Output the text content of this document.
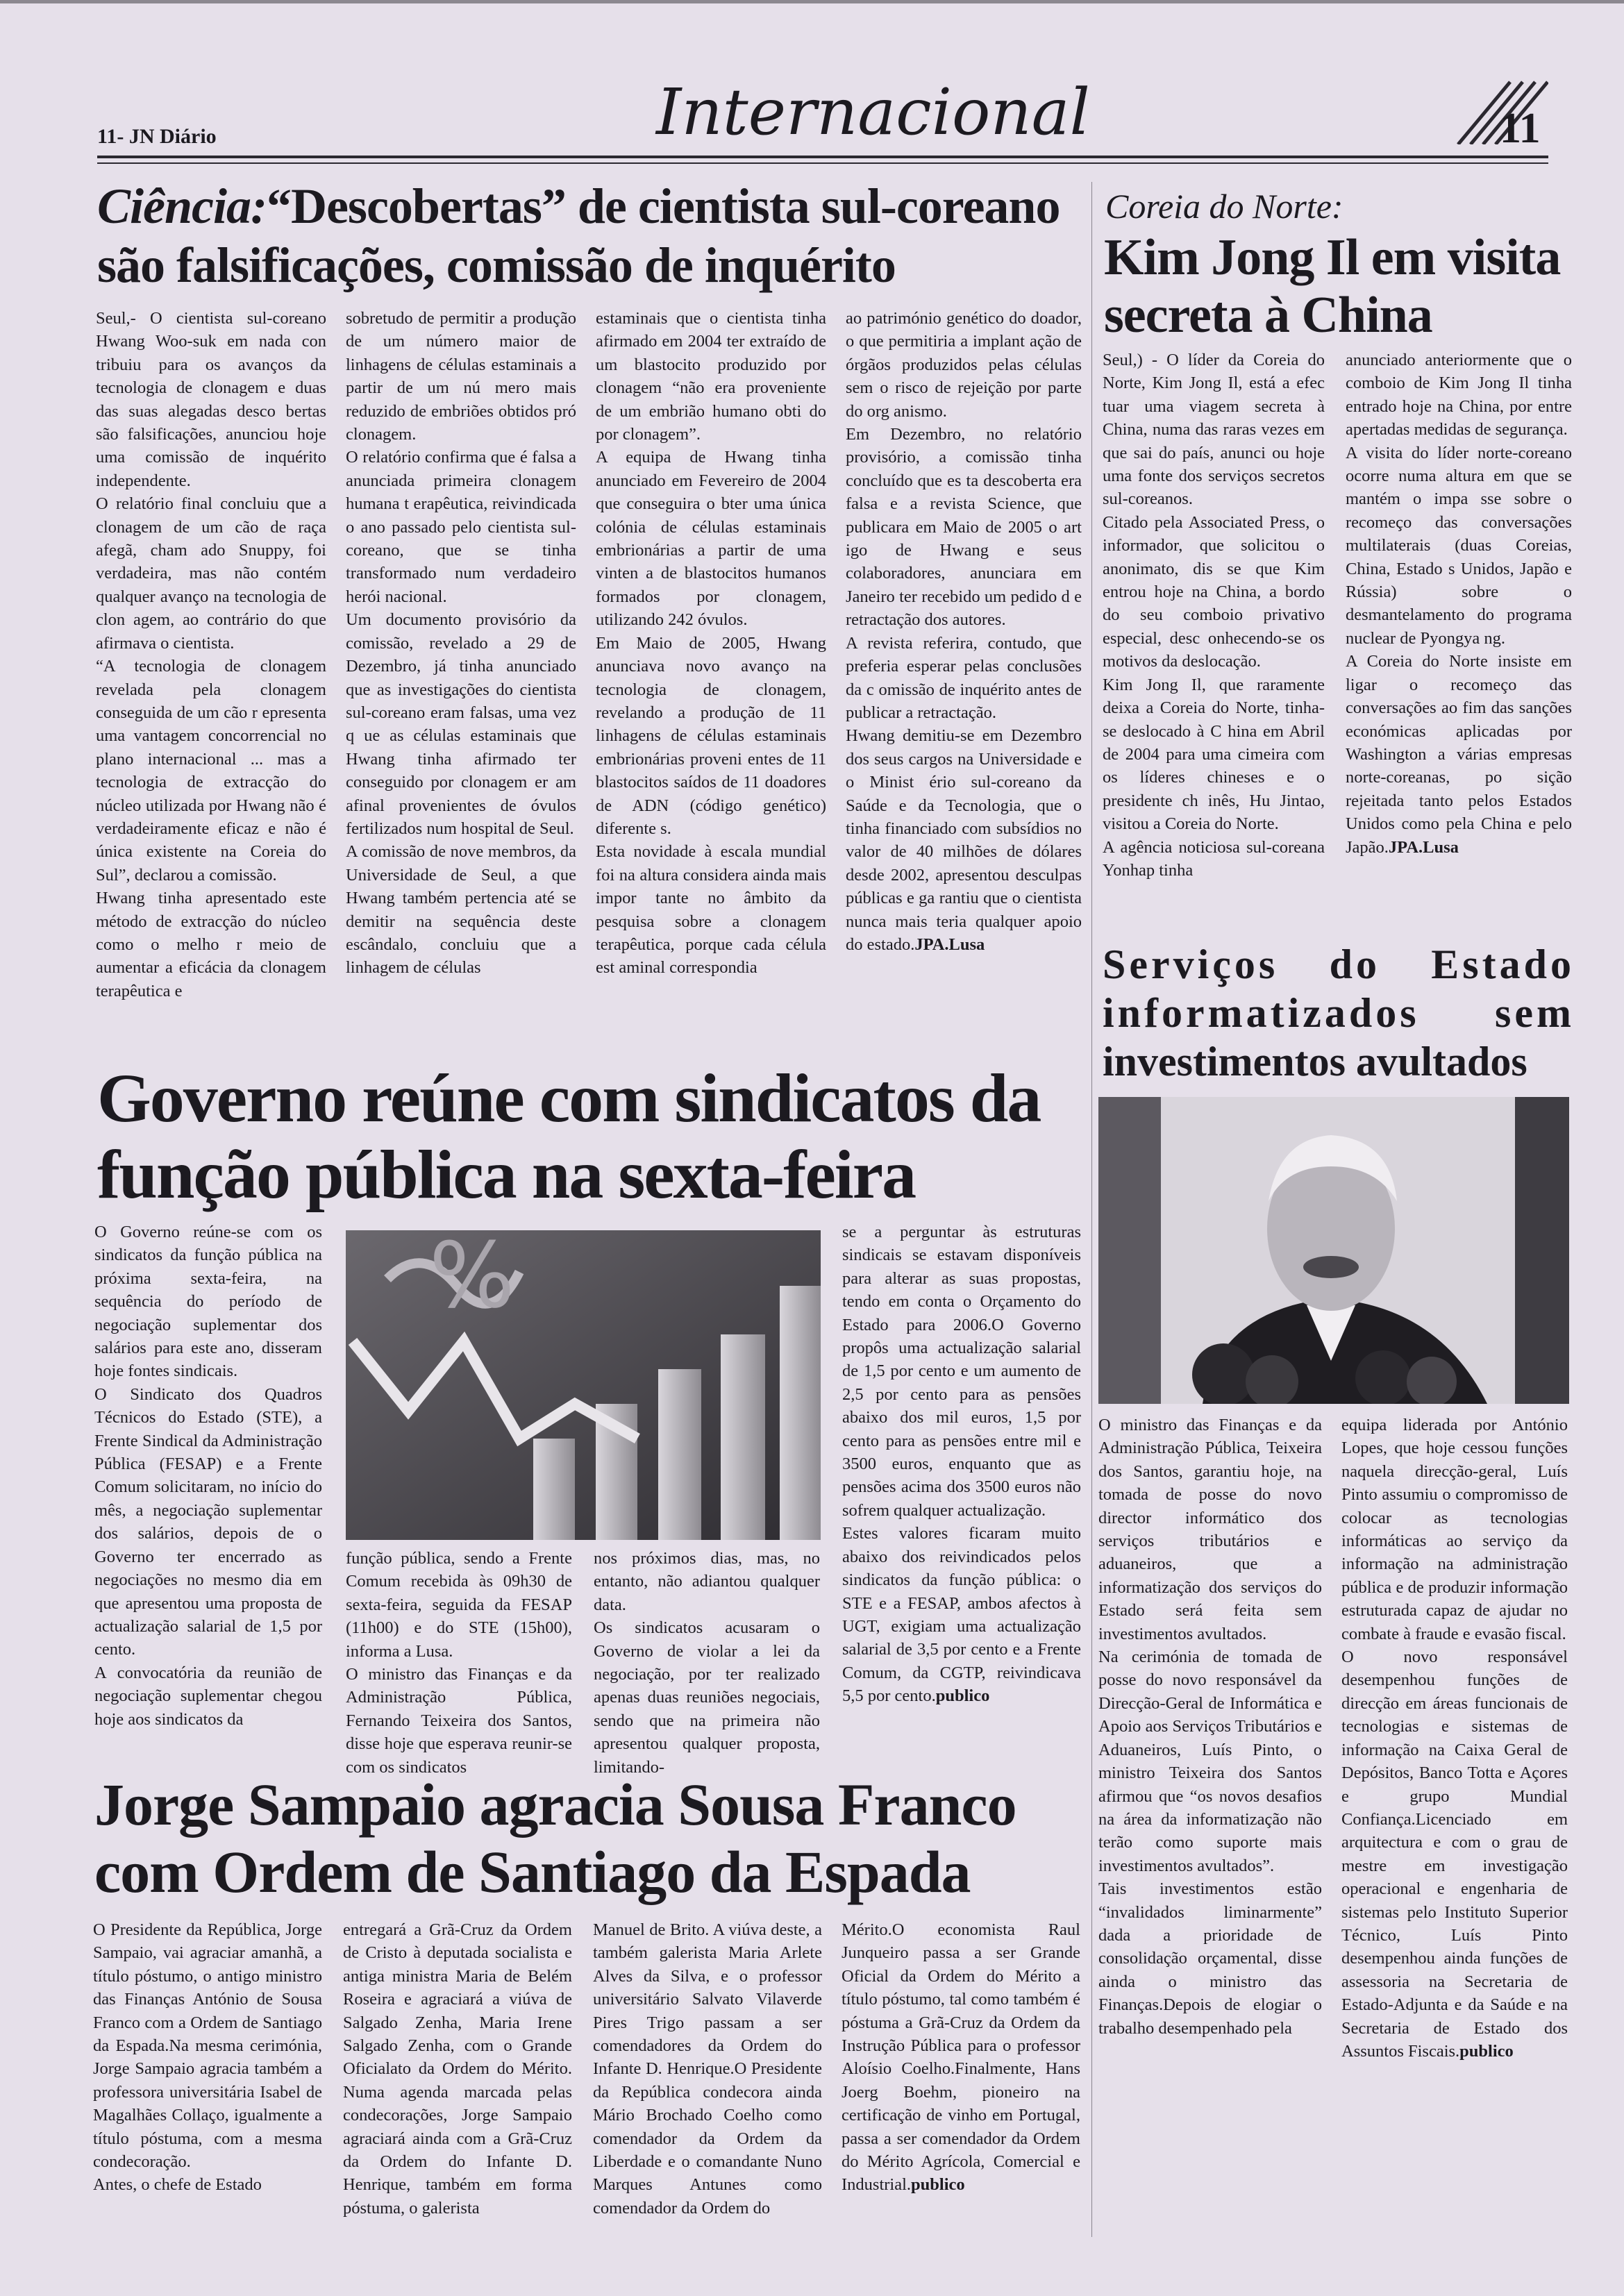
11- JN Diário	Internacional	11
Ciência:“Descobertas” de cientista sul-coreano
são falsificações, comissão de inquérito

Seul,- O cientista sul-coreano Hwang Woo-suk em nada con tribuiu para os avanços da tecnologia de clonagem e duas das suas alegadas desco bertas são falsificações, anunciou hoje uma comissão de inquérito independente.
O relatório final concluiu que a clonagem de um cão de raça afegã, cham ado Snuppy, foi verdadeira, mas não contém qualquer avanço na tecnologia de clon agem, ao contrário do que afirmava o cientista.
“A tecnologia de clonagem revelada pela clonagem conseguida de um cão r epresenta uma vantagem concorrencial no plano internacional ... mas a tecnologia de extracção do núcleo utilizada por Hwang não é verdadeiramente eficaz e não é única existente na Coreia do Sul”, declarou a comissão.
Hwang tinha apresentado este método de extracção do núcleo como o melho r meio de aumentar a eficácia da clonagem terapêutica e

sobretudo de permitir a produção de um número maior de linhagens de células estaminais a partir de um nú mero mais reduzido de embriões obtidos pró clonagem.
O relatório confirma que é falsa a anunciada primeira clonagem humana t erapêutica, reivindicada o ano passado pelo cientista sul-coreano, que se tinha transformado num verdadeiro herói nacional.
Um documento provisório da comissão, revelado a 29 de Dezembro, já tinha anunciado que as investigações do cientista sul-coreano eram falsas, uma vez q ue as células estaminais que Hwang tinha afirmado ter conseguido por clonagem er am afinal provenientes de óvulos fertilizados num hospital de Seul.
A comissão de nove membros, da Universidade de Seul, a que Hwang também pertencia até se demitir na sequência deste escândalo, concluiu que a linhagem de células

estaminais que o cientista tinha afirmado em 2004 ter extraído de um blastocito produzido por clonagem “não era proveniente de um embrião humano obti do por clonagem”.
A equipa de Hwang tinha anunciado em Fevereiro de 2004 que conseguira o bter uma única colónia de células estaminais embrionárias a partir de uma vinten a de blastocitos humanos formados por clonagem, utilizando 242 óvulos.
Em Maio de 2005, Hwang anunciava novo avanço na tecnologia de clonagem, revelando a produção de 11 linhagens de células estaminais embrionárias proveni entes de 11 blastocitos saídos de 11 doadores de ADN (código genético) diferente s.
Esta novidade à escala mundial foi na altura considera ainda mais impor tante no âmbito da pesquisa sobre a clonagem terapêutica, porque cada célula est aminal correspondia

ao património genético do doador, o que permitiria a implant ação de órgãos produzidos pelas células sem o risco de rejeição por parte do org anismo.
Em Dezembro, no relatório provisório, a comissão tinha concluído que es ta descoberta era falsa e a revista Science, que publicara em Maio de 2005 o art igo de Hwang e seus colaboradores, anunciara em Janeiro ter recebido um pedido d e retractação dos autores.
A revista referira, contudo, que preferia esperar pelas conclusões da c omissão de inquérito antes de publicar a retractação.
Hwang demitiu-se em Dezembro dos seus cargos na Universidade e o Minist ério sul-coreano da Saúde e da Tecnologia, que o tinha financiado com subsídios no valor de 40 milhões de dólares desde 2002, apresentou desculpas públicas e ga rantiu que o cientista nunca mais teria qualquer apoio do estado.JPA.Lusa

Coreia do Norte:
Kim Jong Il em visita secreta à China

Seul,) - O líder da Coreia do Norte, Kim Jong Il, está a efec tuar uma viagem secreta à China, numa das raras vezes em que sai do país, anunci ou hoje uma fonte dos serviços secretos sul-coreanos.
Citado pela Associated Press, o informador, que solicitou o anonimato, dis se que Kim entrou hoje na China, a bordo do seu comboio privativo especial, desc onhecendo-se os motivos da deslocação.
Kim Jong Il, que raramente deixa a Coreia do Norte, tinha-se deslocado à C hina em Abril de 2004 para uma cimeira com os líderes chineses e o presidente ch inês, Hu Jintao, visitou a Coreia do Norte.
A agência noticiosa sul-coreana Yonhap tinha

anunciado anteriormente que o comboio de Kim Jong Il tinha entrado hoje na China, por entre apertadas medidas de segurança.
A visita do líder norte-coreano ocorre numa altura em que se mantém o impa sse sobre o recomeço das conversações multilaterais (duas Coreias, China, Estado s Unidos, Japão e Rússia) sobre o desmantelamento do programa nuclear de Pyongya ng.
A Coreia do Norte insiste em ligar o recomeço das conversações ao fim das sanções económicas aplicadas por Washington a várias empresas norte-coreanas, po sição rejeitada tanto pelos Estados Unidos como pela China e pelo Japão.JPA.Lusa

Governo reúne com sindicatos da
função pública na sexta-feira

O Governo reúne-se com os sindicatos da função pública na próxima sexta-feira, na sequência do período de negociação suplementar dos salários para este ano, disseram hoje fontes sindicais.
O Sindicato dos Quadros Técnicos do Estado (STE), a Frente Sindical da Administração Pública (FESAP) e a Frente Comum solicitaram, no início do mês, a negociação suplementar dos salários, depois de o Governo ter encerrado as negociações no mesmo dia em que apresentou uma proposta de actualização salarial de 1,5 por cento.
A convocatória da reunião de negociação suplementar chegou hoje aos sindicatos da

%

função pública, sendo a Frente Comum recebida às 09h30 de sexta-feira, seguida da FESAP (11h00) e do STE (15h00), informa a Lusa.
O ministro das Finanças e da Administração Pública, Fernando Teixeira dos Santos, disse hoje que esperava reunir-se com os sindicatos

nos próximos dias, mas, no entanto, não adiantou qualquer data.
Os sindicatos acusaram o Governo de violar a lei da negociação, por ter realizado apenas duas reuniões negociais, sendo que na primeira não apresentou qualquer proposta, limitando-

se a perguntar às estruturas sindicais se estavam disponíveis para alterar as suas propostas, tendo em conta o Orçamento do Estado para 2006.O Governo propôs uma actualização salarial de 1,5 por cento e um aumento de 2,5 por cento para as pensões abaixo dos mil euros, 1,5 por cento para as pensões entre mil e 3500 euros, enquanto que as pensões acima dos 3500 euros não sofrem qualquer actualização.
Estes valores ficaram muito abaixo dos reivindicados pelos sindicatos da função pública: o STE e a FESAP, ambos afectos à UGT, exigiam uma actualização salarial de 3,5 por cento e a Frente Comum, da CGTP, reivindicava 5,5 por cento.publico

Jorge Sampaio agracia Sousa Franco
com Ordem de Santiago da Espada

O Presidente da República, Jorge Sampaio, vai agraciar amanhã, a título póstumo, o antigo ministro das Finanças António de Sousa Franco com a Ordem de Santiago da Espada.Na mesma cerimónia, Jorge Sampaio agracia também a professora universitária Isabel de Magalhães Collaço, igualmente a título póstuma, com a mesma condecoração.
Antes, o chefe de Estado

entregará a Grã-Cruz da Ordem de Cristo à deputada socialista e antiga ministra Maria de Belém Roseira e agraciará a viúva de Salgado Zenha, Maria Irene Salgado Zenha, com o Grande Oficialato da Ordem do Mérito. Numa agenda marcada pelas condecorações, Jorge Sampaio agraciará ainda com a Grã-Cruz da Ordem do Infante D. Henrique, também em forma póstuma, o galerista

Manuel de Brito. A viúva deste, a também galerista Maria Arlete Alves da Silva, e o professor universitário Salvato Vilaverde Pires Trigo passam a ser comendadores da Ordem do Infante D. Henrique.O Presidente da República condecora ainda Mário Brochado Coelho como comendador da Ordem da Liberdade e o comandante Nuno Marques Antunes como comendador da Ordem do

Mérito.O economista Raul Junqueiro passa a ser Grande Oficial da Ordem do Mérito a título póstumo, tal como também é póstuma a Grã-Cruz da Ordem da Instrução Pública para o professor Aloísio Coelho.Finalmente, Hans Joerg Boehm, pioneiro na certificação de vinho em Portugal, passa a ser comendador da Ordem do Mérito Agrícola, Comercial e Industrial.publico

Serviços do Estado
informatizados sem
investimentos avultados

O ministro das Finanças e da Administração Pública, Teixeira dos Santos, garantiu hoje, na tomada de posse do novo director informático dos serviços tributários e aduaneiros, que a informatização dos serviços do Estado será feita sem investimentos avultados.
Na cerimónia de tomada de posse do novo responsável da Direcção-Geral de Informática e Apoio aos Serviços Tributários e Aduaneiros, Luís Pinto, o ministro Teixeira dos Santos afirmou que “os novos desafios na área da informatização não terão como suporte mais investimentos avultados”.
Tais investimentos estão “invalidados liminarmente” dada a prioridade de consolidação orçamental, disse ainda o ministro das Finanças.Depois de elogiar o trabalho desempenhado pela

equipa liderada por António Lopes, que hoje cessou funções naquela direcção-geral, Luís Pinto assumiu o compromisso de colocar as tecnologias informáticas ao serviço da informação na administração pública e de produzir informação estruturada capaz de ajudar no combate à fraude e evasão fiscal.
O novo responsável desempenhou funções de direcção em áreas funcionais de tecnologias e sistemas de informação na Caixa Geral de Depósitos, Banco Totta e Açores e grupo Mundial Confiança.Licenciado em arquitectura e com o grau de mestre em investigação operacional e engenharia de sistemas pelo Instituto Superior Técnico, Luís Pinto desempenhou ainda funções de assessoria na Secretaria de Estado-Adjunta e da Saúde e na Secretaria de Estado dos Assuntos Fiscais.publico
